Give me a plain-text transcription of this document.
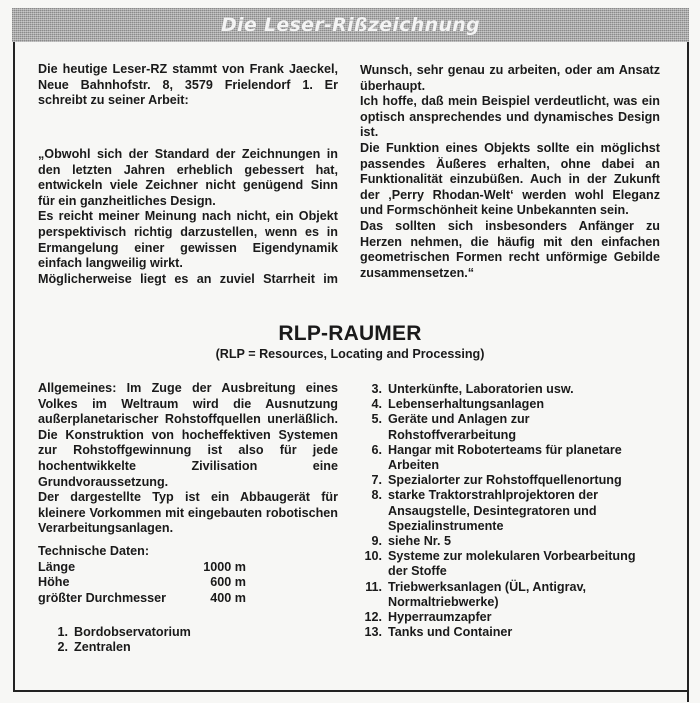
Die Leser-Rißzeichnung

Die heutige Leser-RZ stammt von Frank Jaeckel, Neue Bahnhofstr. 8, 3579 Frielendorf 1. Er schreibt zu seiner Arbeit:

„Obwohl sich der Standard der Zeichnungen in den letzten Jahren erheblich gebessert hat, entwickeln viele Zeichner nicht genügend Sinn für ein ganzheitliches Design.

Es reicht meiner Meinung nach nicht, ein Objekt perspektivisch richtig darzustellen, wenn es in Ermangelung einer gewissen Eigendynamik einfach langweilig wirkt.

Möglicherweise liegt es an zuviel Starrheit im

Wunsch, sehr genau zu arbeiten, oder am Ansatz überhaupt.

Ich hoffe, daß mein Beispiel verdeutlicht, was ein optisch ansprechendes und dynamisches Design ist.

Die Funktion eines Objekts sollte ein möglichst passendes Äußeres erhalten, ohne dabei an Funktionalität einzubüßen. Auch in der Zukunft der ‚Perry Rhodan-Welt‘ werden wohl Eleganz und Formschönheit keine Unbekannten sein.

Das sollten sich insbesonders Anfänger zu Herzen nehmen, die häufig mit den einfachen geometrischen Formen recht unförmige Gebilde zusammensetzen.“

RLP-RAUMER
(RLP = Resources, Locating and Processing)

Allgemeines: Im Zuge der Ausbreitung eines Volkes im Weltraum wird die Ausnutzung außerplanetarischer Rohstoffquellen unerläßlich. Die Konstruktion von hocheffektiven Systemen zur Rohstoffgewinnung ist also für jede hochentwikkelte Zivilisation eine Grundvoraussetzung.

Der dargestellte Typ ist ein Abbaugerät für kleinere Vorkommen mit eingebauten robotischen Verarbeitungsanlagen.

Technische Daten:

Länge	1000 m
Höhe	600 m
größter Durchmesser	400 m
1. Bordobservatorium
2. Zentralen
3. Unterkünfte, Laboratorien usw.
4. Lebenserhaltungsanlagen
5. Geräte und Anlagen zur Rohstoffverarbeitung
6. Hangar mit Roboterteams für planetare Arbeiten
7. Spezialorter zur Rohstoffquellenortung
8. starke Traktorstrahlprojektoren der Ansaugstelle, Desintegratoren und Spezialinstrumente
9. siehe Nr. 5
10. Systeme zur molekularen Vorbearbeitung der Stoffe
11. Triebwerksanlagen (ÜL, Antigrav, Normaltriebwerke)
12. Hyperraumzapfer
13. Tanks und Container
